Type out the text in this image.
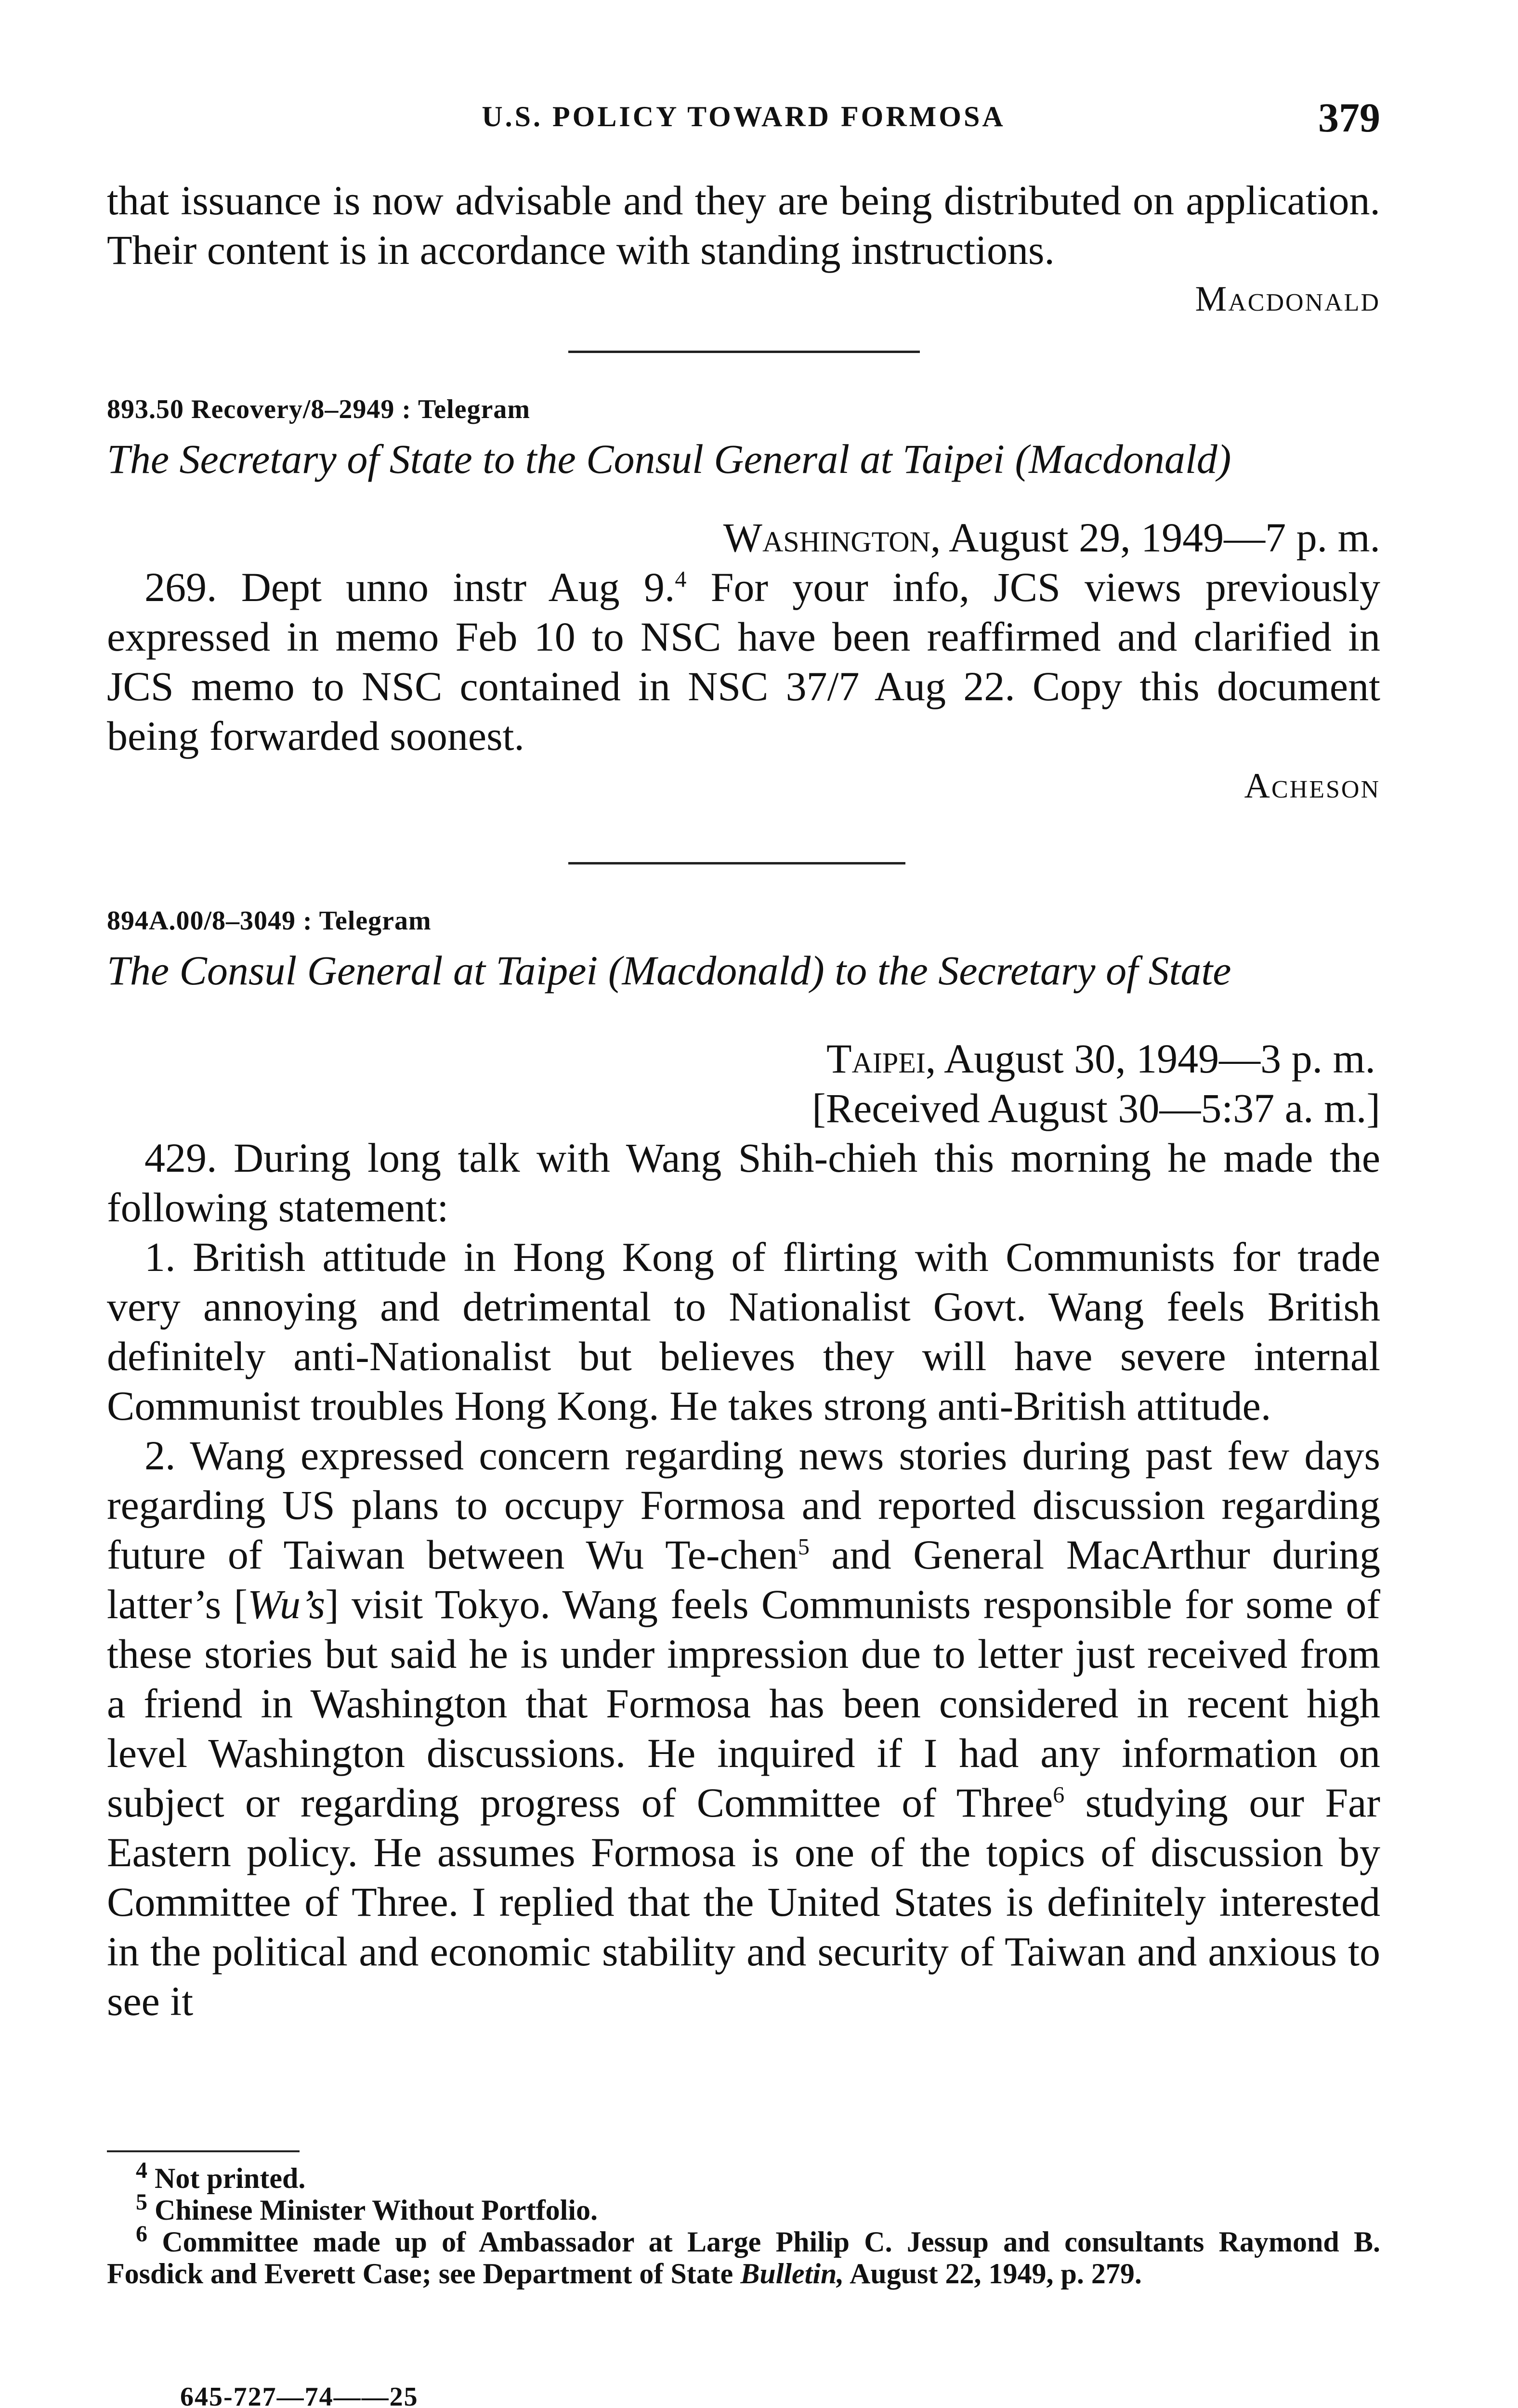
U.S. POLICY TOWARD FORMOSA	379

that issuance is now advisable and they are being distributed on application. Their content is in accordance with standing instructions.

Macdonald

893.50 Recovery/8–2949 : Telegram

The Secretary of State to the Consul General at Taipei (Macdonald)

Washington, August 29, 1949—7 p. m.

269. Dept unno instr Aug 9.$^4$ For your info, JCS views previously expressed in memo Feb 10 to NSC have been reaffirmed and clarified in JCS memo to NSC contained in NSC 37/7 Aug 22. Copy this document being forwarded soonest.

Acheson

894A.00/8–3049 : Telegram

The Consul General at Taipei (Macdonald) to the Secretary of State

Taipei, August 30, 1949—3 p. m.

[Received August 30—5:37 a. m.]

429. During long talk with Wang Shih-chieh this morning he made the following statement:

1. British attitude in Hong Kong of flirting with Communists for trade very annoying and detrimental to Nationalist Govt. Wang feels British definitely anti-Nationalist but believes they will have severe internal Communist troubles Hong Kong. He takes strong anti-British attitude.

2. Wang expressed concern regarding news stories during past few days regarding US plans to occupy Formosa and reported discussion regarding future of Taiwan between Wu Te-chen$^5$ and General MacArthur during latter’s [Wu’s] visit Tokyo. Wang feels Communists responsible for some of these stories but said he is under impression due to letter just received from a friend in Washington that Formosa has been considered in recent high level Washington discussions. He inquired if I had any information on subject or regarding progress of Committee of Three$^6$ studying our Far Eastern policy. He assumes Formosa is one of the topics of discussion by Committee of Three. I replied that the United States is definitely interested in the political and economic stability and security of Taiwan and anxious to see it

$^4$ Not printed.

$^5$ Chinese Minister Without Portfolio.

$^6$ Committee made up of Ambassador at Large Philip C. Jessup and consultants Raymond B. Fosdick and Everett Case; see Department of State Bulletin, August 22, 1949, p. 279.

645-727—74——25
